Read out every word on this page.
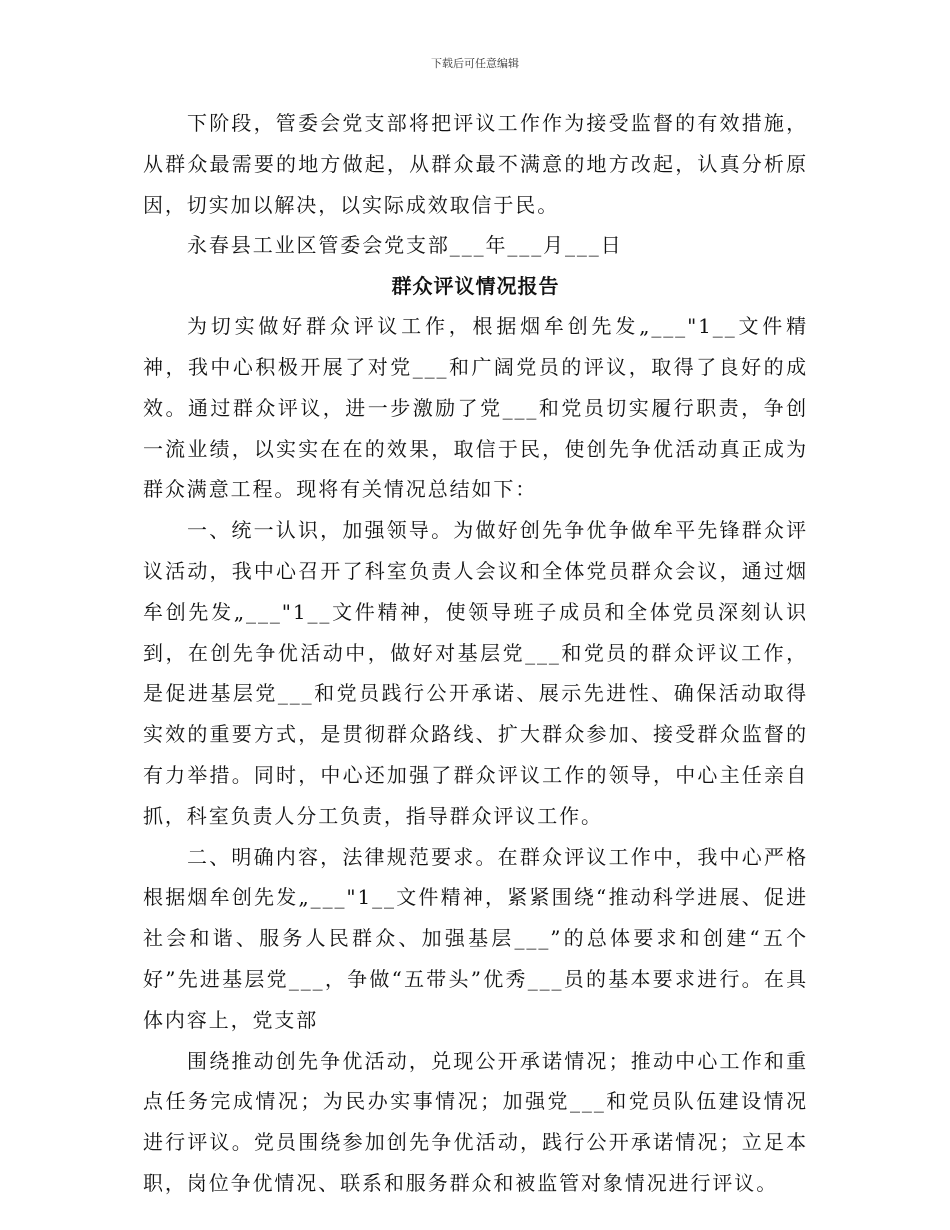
下载后可任意编辑

下阶段，管委会党支部将把评议工作作为接受监督的有效措施，从群众最需要的地方做起，从群众最不满意的地方改起，认真分析原因，切实加以解决，以实际成效取信于民。

永春县工业区管委会党支部___年___月___日

群众评议情况报告

为切实做好群众评议工作，根据烟牟创先发„___"1__文件精神，我中心积极开展了对党___和广阔党员的评议，取得了良好的成效。通过群众评议，进一步激励了党___和党员切实履行职责，争创一流业绩，以实实在在的效果，取信于民，使创先争优活动真正成为群众满意工程。现将有关情况总结如下：

一、统一认识，加强领导。为做好创先争优争做牟平先锋群众评议活动，我中心召开了科室负责人会议和全体党员群众会议，通过烟牟创先发„___"1__文件精神，使领导班子成员和全体党员深刻认识到，在创先争优活动中，做好对基层党___和党员的群众评议工作，是促进基层党___和党员践行公开承诺、展示先进性、确保活动取得实效的重要方式，是贯彻群众路线、扩大群众参加、接受群众监督的有力举措。同时，中心还加强了群众评议工作的领导，中心主任亲自抓，科室负责人分工负责，指导群众评议工作。

二、明确内容，法律规范要求。在群众评议工作中，我中心严格根据烟牟创先发„___"1__文件精神，紧紧围绕“推动科学进展、促进社会和谐、服务人民群众、加强基层___”的总体要求和创建“五个好”先进基层党___，争做“五带头”优秀___员的基本要求进行。在具体内容上，党支部

围绕推动创先争优活动，兑现公开承诺情况；推动中心工作和重点任务完成情况；为民办实事情况；加强党___和党员队伍建设情况进行评议。党员围绕参加创先争优活动，践行公开承诺情况；立足本职，岗位争优情况、联系和服务群众和被监管对象情况进行评议。
